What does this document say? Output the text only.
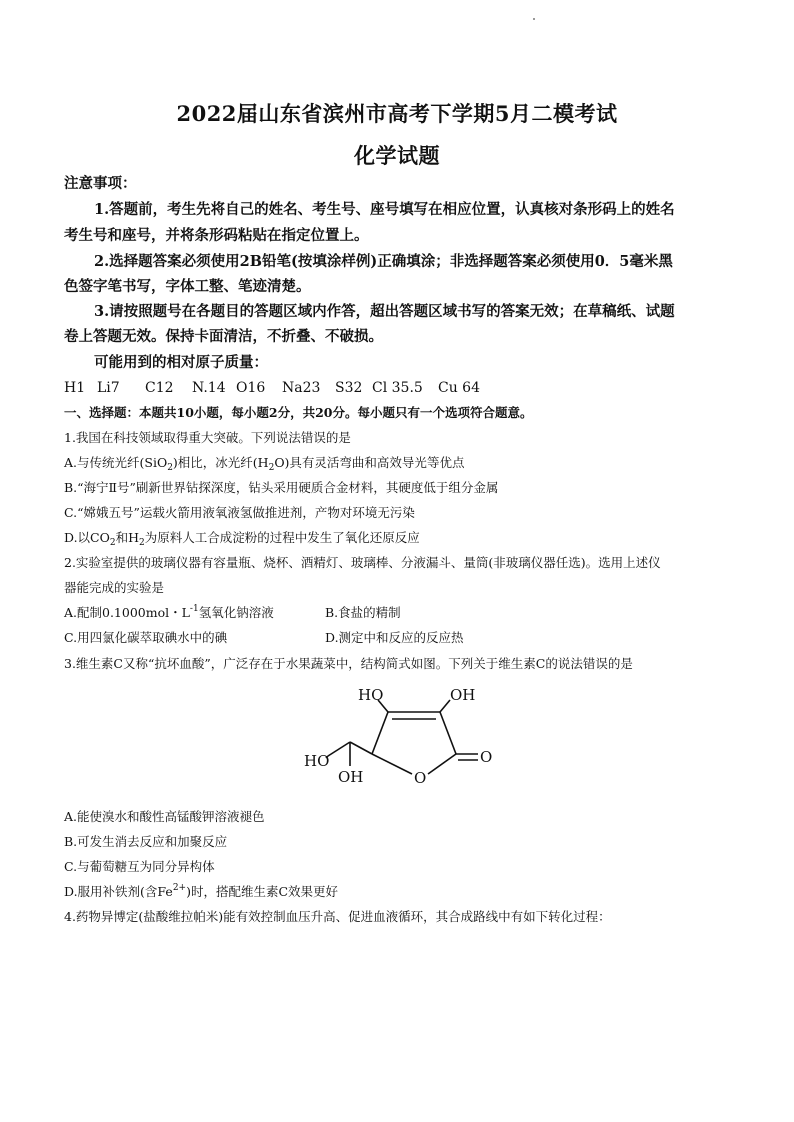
2022届山东省滨州市高考下学期5月二模考试
化学试题
注意事项：
1.答题前，考生先将自己的姓名、考生号、座号填写在相应位置，认真核对条形码上的姓名
考生号和座号，并将条形码粘贴在指定位置上。
2.选择题答案必须使用2B铅笔(按填涂样例)正确填涂；非选择题答案必须使用0．5毫米黑
色签字笔书写，字体工整、笔迹清楚。
3.请按照题号在各题目的答题区域内作答，超出答题区域书写的答案无效；在草稿纸、试题
卷上答题无效。保持卡面清洁，不折叠、不破损。
可能用到的相对原子质量：
H1 Li7 C12 N.14 O16 Na23 S32 Cl 35.5 Cu 64
一、选择题：本题共10小题，每小题2分，共20分。每小题只有一个选项符合题意。
1.我国在科技领域取得重大突破。下列说法错误的是
A.与传统光纤(SiO$_2$)相比，冰光纤$(H_2O)$具有灵活弯曲和高效导光等优点
B.“海宁Ⅱ号”刷新世界钻探深度，钻头采用硬质合金材料，其硬度低于组分金属
C.“嫦娥五号”运载火箭用液氧液氢做推进剂，产物对环境无污染
D.以$CO_2$和$H_2$为原料人工合成淀粉的过程中发生了氧化还原反应
2.实验室提供的玻璃仪器有容量瓶、烧杯、酒精灯、玻璃棒、分液漏斗、量筒(非玻璃仪器任选)。选用上述仪
器能完成的实验是
A.配制0.1000mol・$L^{-1}$氢氧化钠溶液	B.食盐的精制
C.用四氯化碳萃取碘水中的碘	D.测定中和反应的反应热
3.维生素C又称“抗坏血酸”，广泛存在于水果蔬菜中，结构简式如图。下列关于维生素C的说法错误的是
HO	OH
HO
OH	O
O
A.能使溴水和酸性高锰酸钾溶液褪色
B.可发生消去反应和加聚反应
C.与葡萄糖互为同分异构体
D.服用补铁剂(含$Fe^{2+}$)时，搭配维生素C效果更好
4.药物异博定(盐酸维拉帕米)能有效控制血压升高、促进血液循环，其合成路线中有如下转化过程：
